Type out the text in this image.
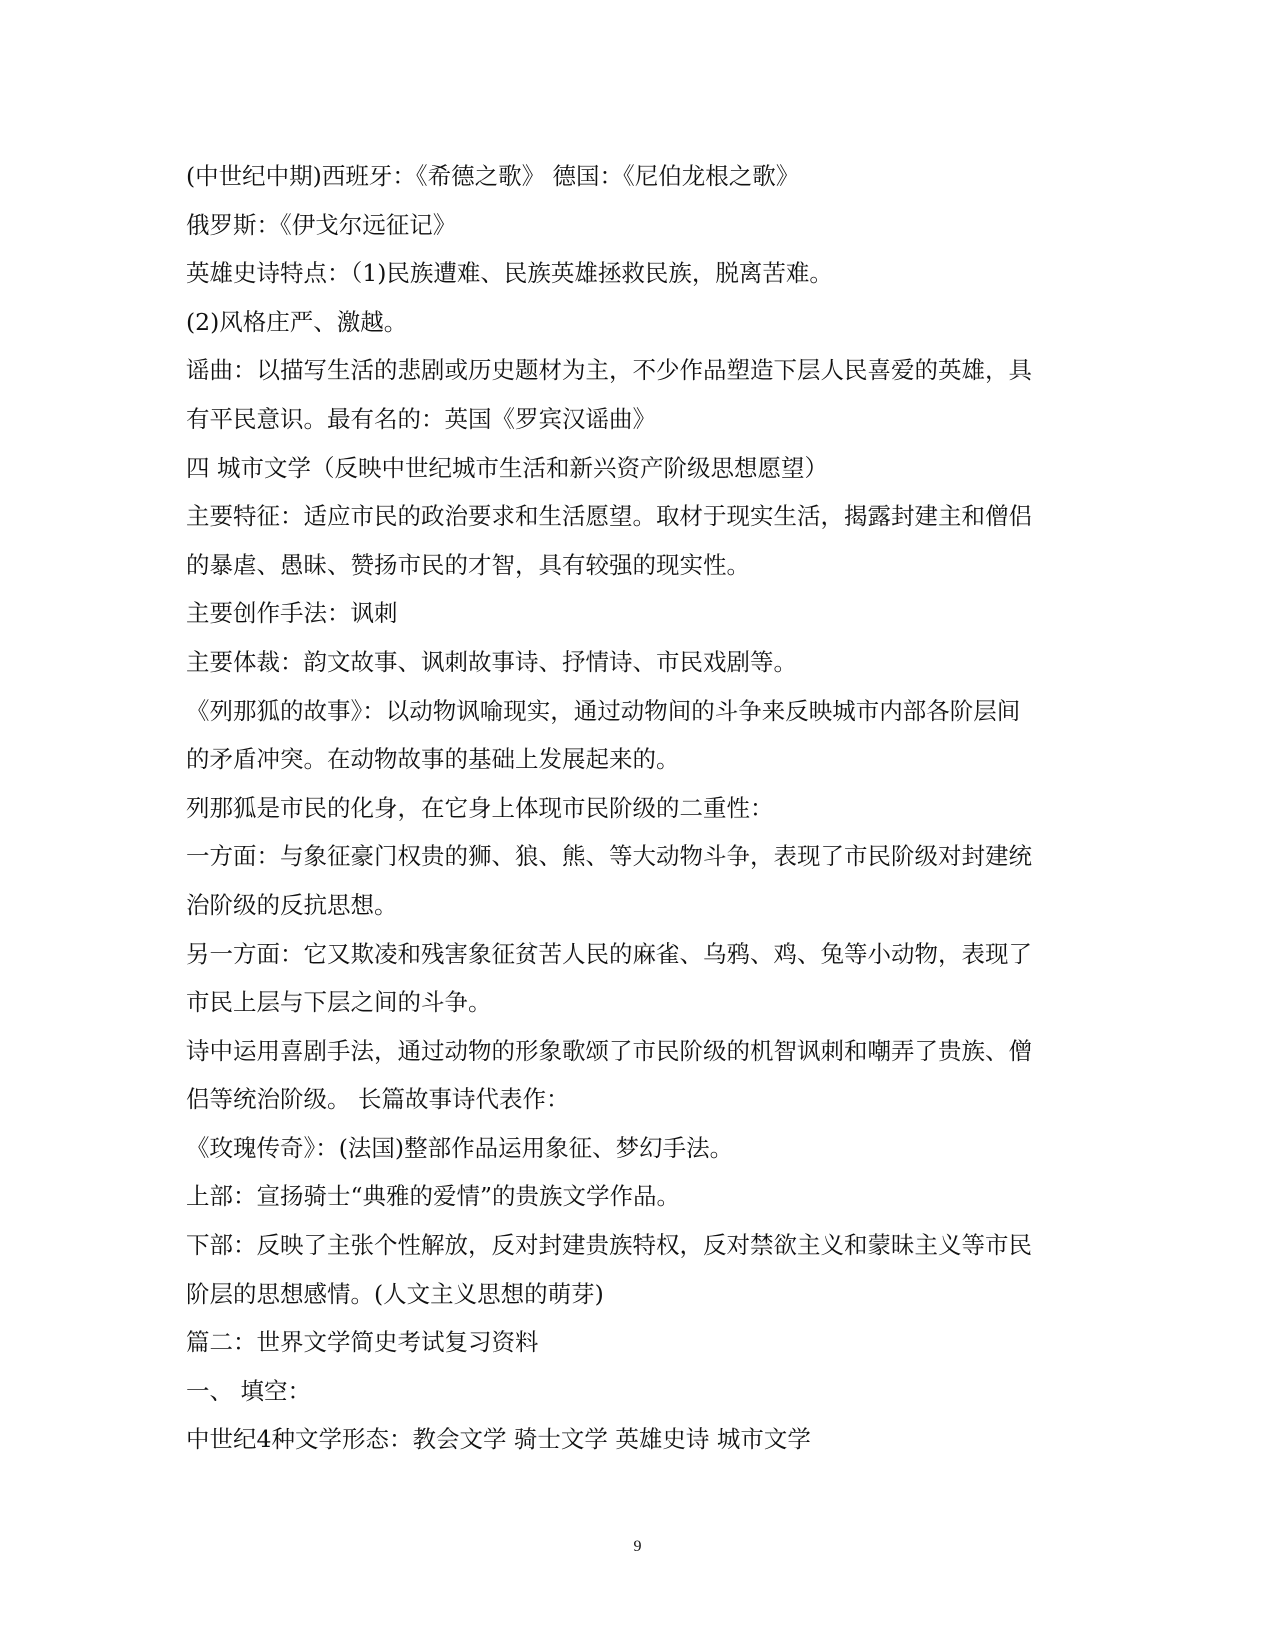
(中世纪中期)西班牙：《希德之歌》 德国：《尼伯龙根之歌》
俄罗斯：《伊戈尔远征记》
英雄史诗特点：（1)民族遭难、民族英雄拯救民族，脱离苦难。
(2)风格庄严、激越。
谣曲：以描写生活的悲剧或历史题材为主，不少作品塑造下层人民喜爱的英雄，具
有平民意识。最有名的：英国《罗宾汉谣曲》
四 城市文学（反映中世纪城市生活和新兴资产阶级思想愿望）
主要特征：适应市民的政治要求和生活愿望。取材于现实生活，揭露封建主和僧侣
的暴虐、愚昧、赞扬市民的才智，具有较强的现实性。
主要创作手法：讽刺
主要体裁：韵文故事、讽刺故事诗、抒情诗、市民戏剧等。
《列那狐的故事》：以动物讽喻现实，通过动物间的斗争来反映城市内部各阶层间
的矛盾冲突。在动物故事的基础上发展起来的。
列那狐是市民的化身，在它身上体现市民阶级的二重性：
一方面：与象征豪门权贵的狮、狼、熊、等大动物斗争，表现了市民阶级对封建统
治阶级的反抗思想。
另一方面：它又欺凌和残害象征贫苦人民的麻雀、乌鸦、鸡、兔等小动物，表现了
市民上层与下层之间的斗争。
诗中运用喜剧手法，通过动物的形象歌颂了市民阶级的机智讽刺和嘲弄了贵族、僧
侣等统治阶级。 长篇故事诗代表作：
《玫瑰传奇》：(法国)整部作品运用象征、梦幻手法。
上部：宣扬骑士“典雅的爱情”的贵族文学作品。
下部：反映了主张个性解放，反对封建贵族特权，反对禁欲主义和蒙昧主义等市民
阶层的思想感情。(人文主义思想的萌芽)
篇二：世界文学简史考试复习资料
一、 填空：
中世纪4种文学形态：教会文学 骑士文学 英雄史诗 城市文学
9
